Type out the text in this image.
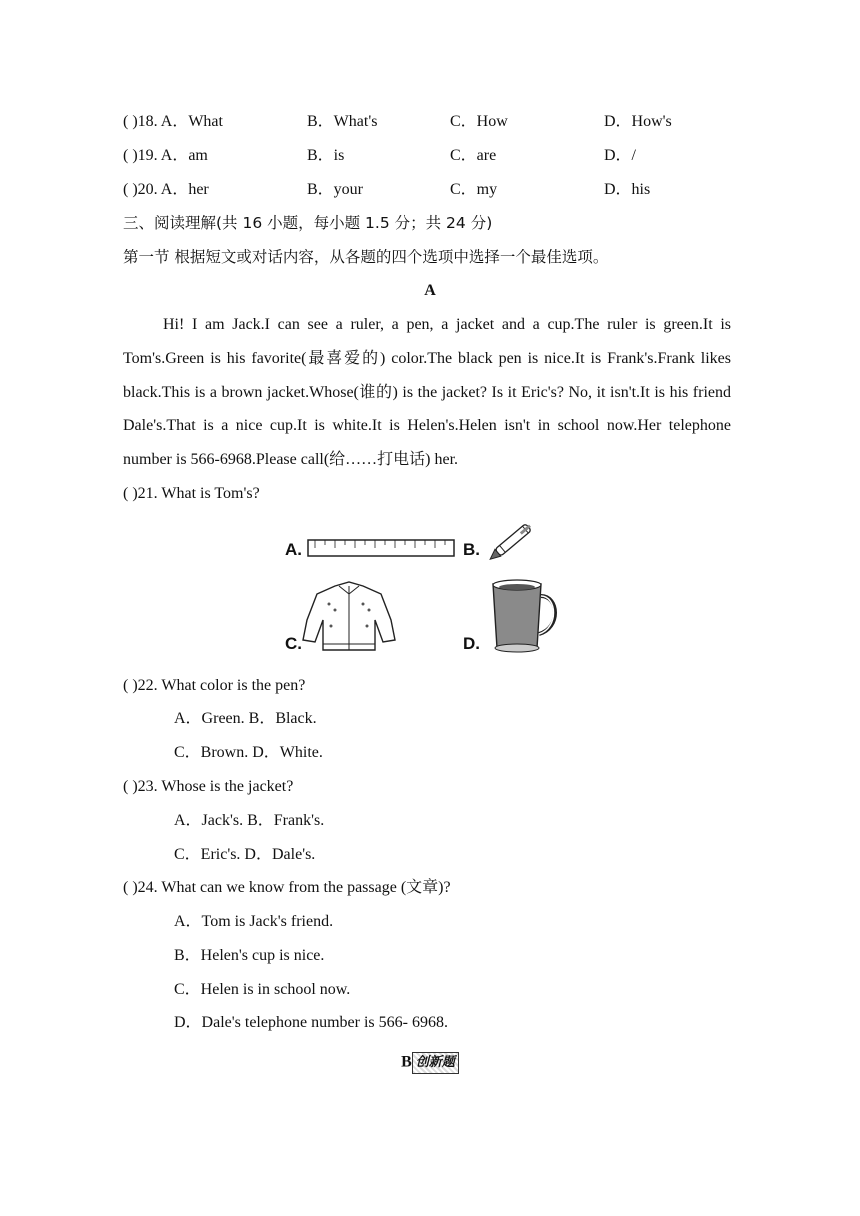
( )18. A．What	B．What's	C．How	D．How's
( )19. A．am	B．is	C．are	D．/
( )20. A．her	B．your	C．my	D．his
三、阅读理解(共 16 小题，每小题 1.5 分；共 24 分)
第一节 根据短文或对话内容，从各题的四个选项中选择一个最佳选项。
A
Hi! I am Jack.I can see a ruler, a pen, a jacket and a cup.The ruler is green.It is Tom's.Green is his favorite(最喜爱的) color.The black pen is nice.It is Frank's.Frank likes black.This is a brown jacket.Whose(谁的) is the jacket? Is it Eric's? No, it isn't.It is his friend Dale's.That is a nice cup.It is white.It is Helen's.Helen isn't in school now.Her telephone number is 566-6968.Please call(给……打电话) her.
( )21. What is Tom's?
A.	B.
C.	D.
( )22. What color is the pen?
A．Green. B．Black.
C．Brown. D．White.
( )23. Whose is the jacket?
A．Jack's. B．Frank's.
C．Eric's. D．Dale's.
( )24. What can we know from the passage (文章)?
A．Tom is Jack's friend.
B．Helen's cup is nice.
C．Helen is in school now.
D．Dale's telephone number is 566- 6968.
B 创新题
